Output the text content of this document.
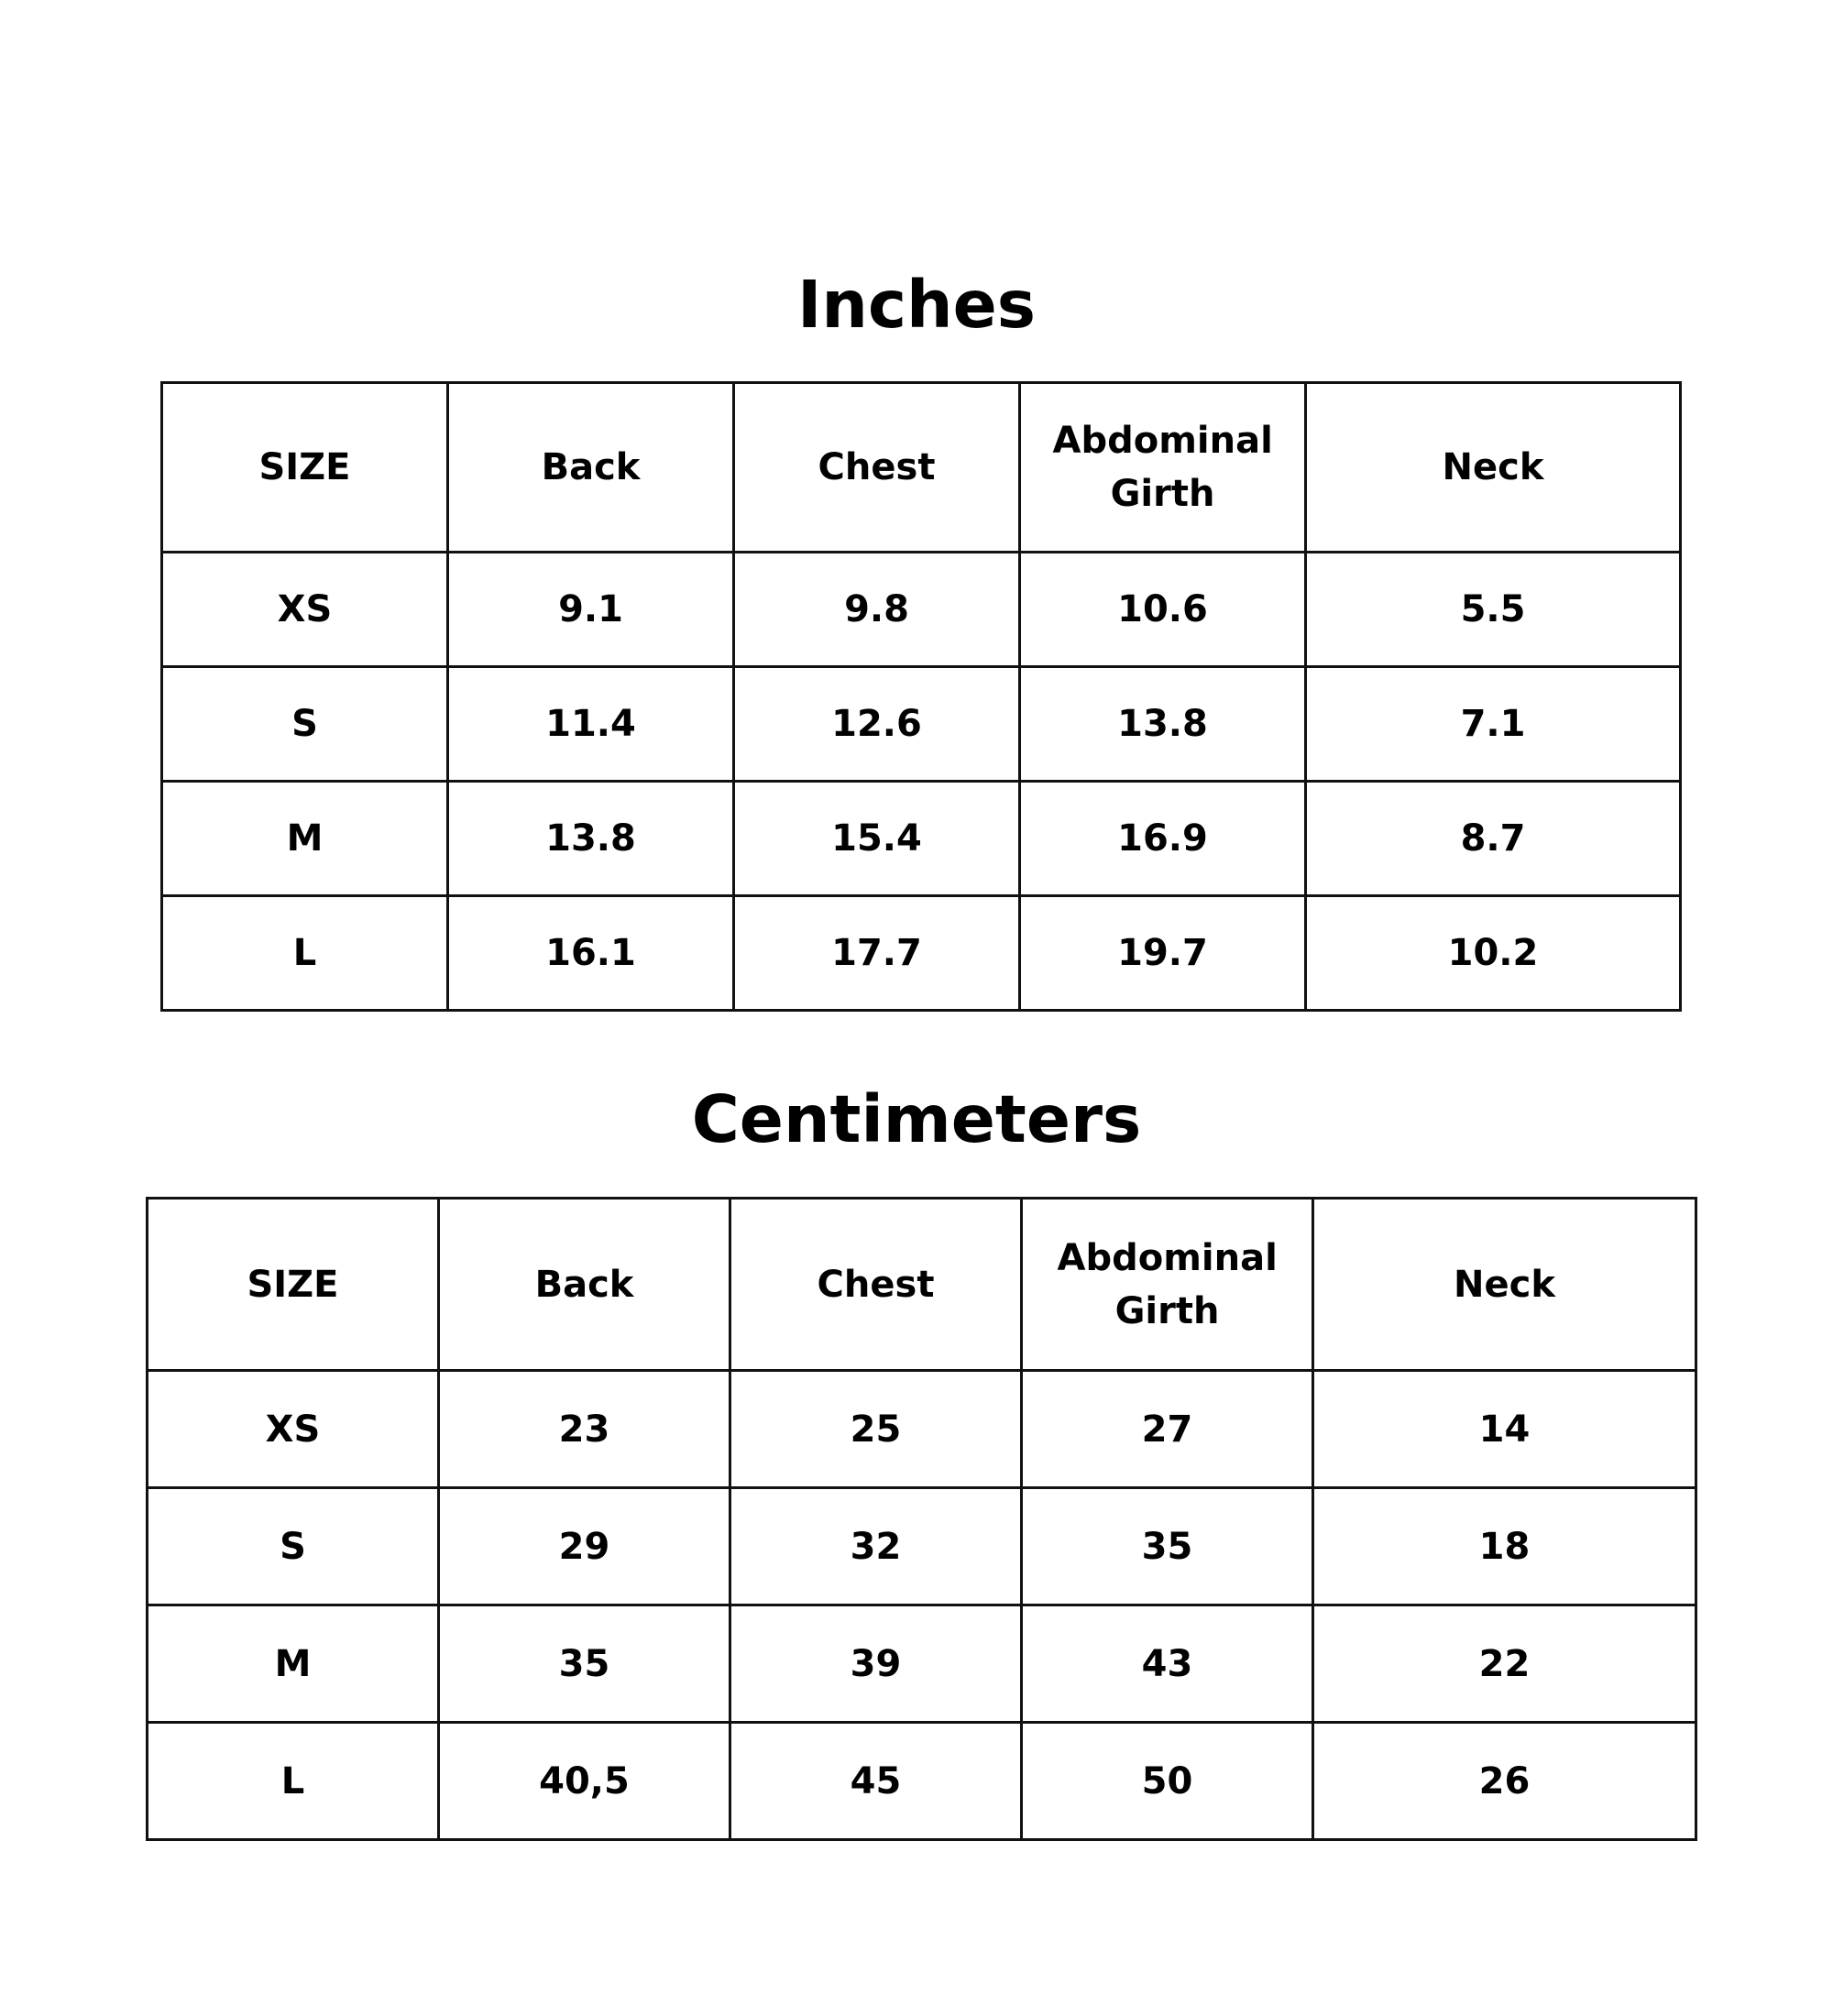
Inches
SIZE	Back	Chest	Abdominal Girth	Neck
XS	9.1	9.8	10.6	5.5
S	11.4	12.6	13.8	7.1
M	13.8	15.4	16.9	8.7
L	16.1	17.7	19.7	10.2
Centimeters
SIZE	Back	Chest	Abdominal Girth	Neck
XS	23	25	27	14
S	29	32	35	18
M	35	39	43	22
L	40,5	45	50	26
